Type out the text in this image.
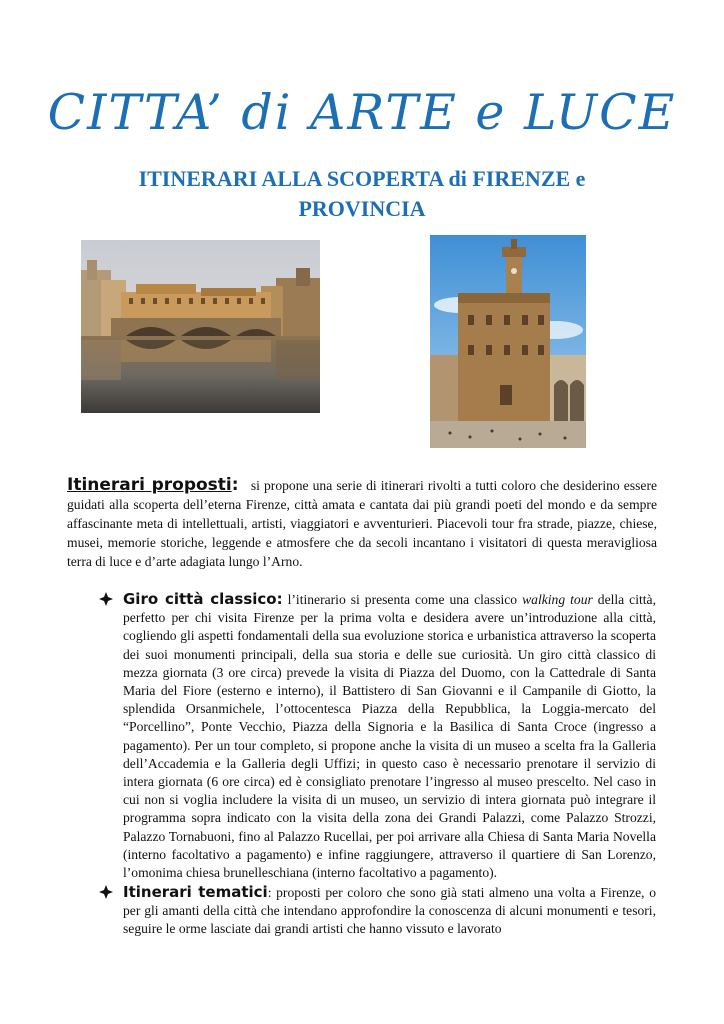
CITTA’ di ARTE e LUCE
ITINERARI ALLA SCOPERTA di FIRENZE e PROVINCIA
Itinerari proposti: si propone una serie di itinerari rivolti a tutti coloro che desiderino essere guidati alla scoperta dell’eterna Firenze, città amata e cantata dai più grandi poeti del mondo e da sempre affascinante meta di intellettuali, artisti, viaggiatori e avventurieri. Piacevoli tour fra strade, piazze, chiese, musei, memorie storiche, leggende e atmosfere che da secoli incantano i visitatori di questa meravigliosa terra di luce e d’arte adagiata lungo l’Arno.
Giro città classico: l’itinerario si presenta come una classico walking tour della città, perfetto per chi visita Firenze per la prima volta e desidera avere un’introduzione alla città, cogliendo gli aspetti fondamentali della sua evoluzione storica e urbanistica attraverso la scoperta dei suoi monumenti principali, della sua storia e delle sue curiosità. Un giro città classico di mezza giornata (3 ore circa) prevede la visita di Piazza del Duomo, con la Cattedrale di Santa Maria del Fiore (esterno e interno), il Battistero di San Giovanni e il Campanile di Giotto, la splendida Orsanmichele, l’ottocentesca Piazza della Repubblica, la Loggia-mercato del “Porcellino”, Ponte Vecchio, Piazza della Signoria e la Basilica di Santa Croce (ingresso a pagamento). Per un tour completo, si propone anche la visita di un museo a scelta fra la Galleria dell’Accademia e la Galleria degli Uffizi; in questo caso è necessario prenotare il servizio di intera giornata (6 ore circa) ed è consigliato prenotare l’ingresso al museo prescelto. Nel caso in cui non si voglia includere la visita di un museo, un servizio di intera giornata può integrare il programma sopra indicato con la visita della zona dei Grandi Palazzi, come Palazzo Strozzi, Palazzo Tornabuoni, fino al Palazzo Rucellai, per poi arrivare alla Chiesa di Santa Maria Novella (interno facoltativo a pagamento) e infine raggiungere, attraverso il quartiere di San Lorenzo, l’omonima chiesa brunelleschiana (interno facoltativo a pagamento).
Itinerari tematici: proposti per coloro che sono già stati almeno una volta a Firenze, o per gli amanti della città che intendano approfondire la conoscenza di alcuni monumenti e tesori, seguire le orme lasciate dai grandi artisti che hanno vissuto e lavorato
